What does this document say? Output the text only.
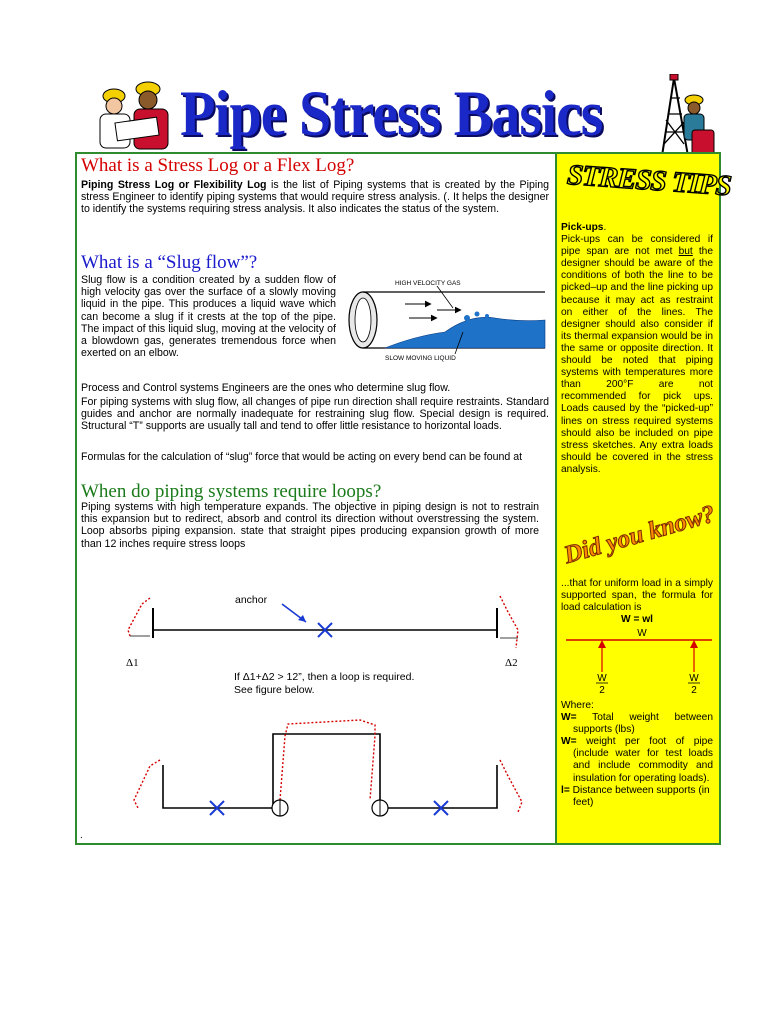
Pipe Stress Basics
What is a Stress Log or a Flex Log?
Piping Stress Log or Flexibility Log is the list of Piping systems that is created by the Piping stress Engineer to identify piping systems that would require stress analysis. (. It helps the designer to identify the systems requiring stress analysis. It also indicates the status of the system.
What is a “Slug flow”?
Slug flow is a condition created by a sudden flow of high velocity gas over the surface of a slowly moving liquid in the pipe. This produces a liquid wave which can become a slug if it crests at the top of the pipe. The impact of this liquid slug, moving at the velocity of a blowdown gas, generates tremendous force when exerted on an elbow.
HIGH VELOCITY GAS
SLOW MOVING LIQUID
Process and Control systems Engineers are the ones who determine slug flow.
For piping systems with slug flow, all changes of pipe run direction shall require restraints. Standard guides and anchor are normally inadequate for restraining slug flow. Special design is required. Structural “T” supports are usually tall and tend to offer little resistance to horizontal loads.
Formulas for the calculation of “slug” force that would be acting on every bend can be found at
When do piping systems require loops?
Piping systems with high temperature expands. The objective in piping design is not to restrain this expansion but to redirect, absorb and control its direction without overstressing the system. Loop absorbs piping expansion. state that straight pipes producing expansion growth of more than 12 inches require stress loops
anchor
Δ1	Δ2
If Δ1+Δ2 > 12”, then a loop is required.
See figure below.
.
STRESS TIPS
Pick-ups.
Pick-ups can be considered if pipe span are not met but the designer should be aware of the conditions of both the line to be picked–up and the line picking up because it may act as restraint on either of the lines. The designer should also consider if its thermal expansion would be in the same or opposite direction. It should be noted that piping systems with temperatures more than 200°F are not recommended for pick ups. Loads caused by the “picked-up” lines on stress required systems should also be included on pipe stress sketches. Any extra loads should be covered in the stress analysis.
Did you know?
...that for uniform load in a simply supported span, the formula for load calculation is
W = wl
W
W
2
W
2
Where:
W= Total weight between supports (lbs)
W= weight per foot of pipe (include water for test loads and include commodity and insulation for operating loads).
l= Distance between supports (in feet)
